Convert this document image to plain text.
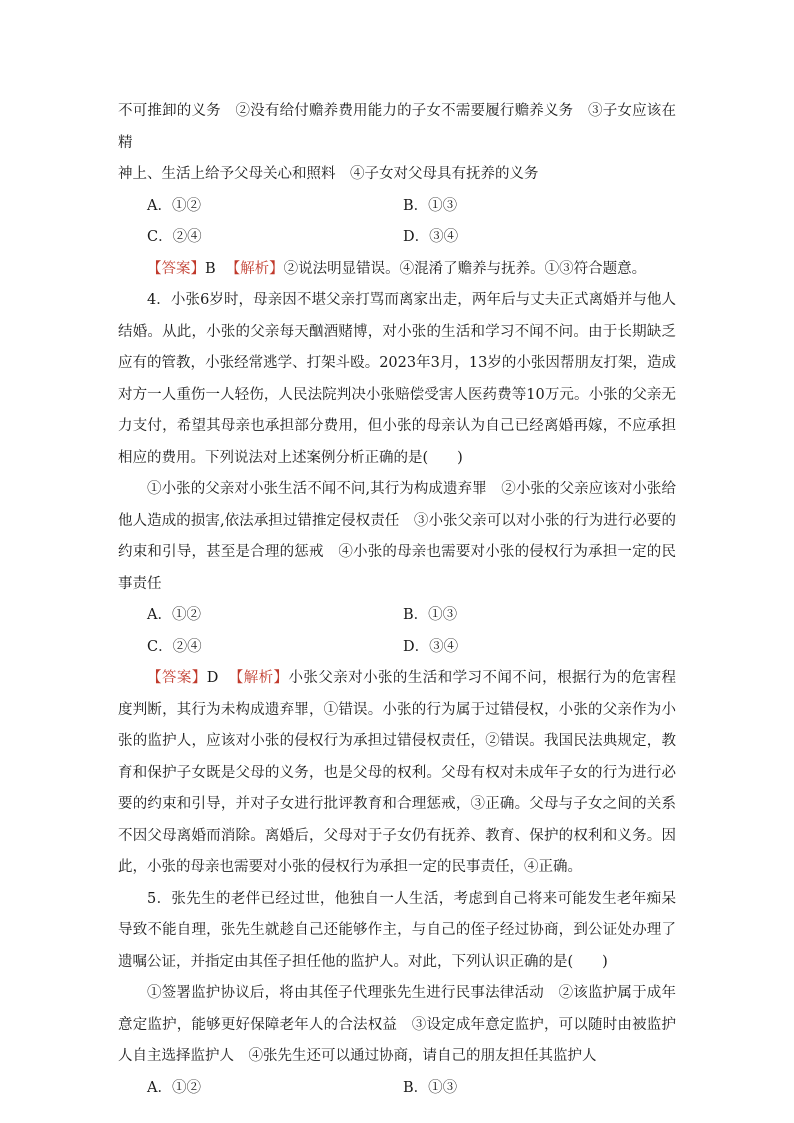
不可推卸的义务　②没有给付赡养费用能力的子女不需要履行赡养义务　③子女应该在精

神上、生活上给予父母关心和照料　④子女对父母具有抚养的义务

A．①②	B．①③
C．②④	D．③④

【答案】B 【解析】②说法明显错误。④混淆了赡养与抚养。①③符合题意。

4．小张6岁时，母亲因不堪父亲打骂而离家出走，两年后与丈夫正式离婚并与他人结婚。从此，小张的父亲每天酗酒赌博，对小张的生活和学习不闻不问。由于长期缺乏应有的管教，小张经常逃学、打架斗殴。2023年3月，13岁的小张因帮朋友打架，造成对方一人重伤一人轻伤，人民法院判决小张赔偿受害人医药费等10万元。小张的父亲无力支付，希望其母亲也承担部分费用，但小张的母亲认为自己已经离婚再嫁，不应承担相应的费用。下列说法对上述案例分析正确的是(　　)

①小张的父亲对小张生活不闻不问,其行为构成遗弃罪　②小张的父亲应该对小张给他人造成的损害,依法承担过错推定侵权责任　③小张父亲可以对小张的行为进行必要的约束和引导，甚至是合理的惩戒　④小张的母亲也需要对小张的侵权行为承担一定的民事责任

A．①②	B．①③
C．②④	D．③④

【答案】D 【解析】小张父亲对小张的生活和学习不闻不问，根据行为的危害程度判断，其行为未构成遗弃罪，①错误。小张的行为属于过错侵权，小张的父亲作为小张的监护人，应该对小张的侵权行为承担过错侵权责任，②错误。我国民法典规定，教育和保护子女既是父母的义务，也是父母的权利。父母有权对未成年子女的行为进行必要的约束和引导，并对子女进行批评教育和合理惩戒，③正确。父母与子女之间的关系不因父母离婚而消除。离婚后，父母对于子女仍有抚养、教育、保护的权利和义务。因此，小张的母亲也需要对小张的侵权行为承担一定的民事责任，④正确。

5．张先生的老伴已经过世，他独自一人生活，考虑到自己将来可能发生老年痴呆导致不能自理，张先生就趁自己还能够作主，与自己的侄子经过协商，到公证处办理了遗嘱公证，并指定由其侄子担任他的监护人。对此，下列认识正确的是(　　)

①签署监护协议后，将由其侄子代理张先生进行民事法律活动　②该监护属于成年意定监护，能够更好保障老年人的合法权益　③设定成年意定监护，可以随时由被监护人自主选择监护人　④张先生还可以通过协商，请自己的朋友担任其监护人

A．①②	B．①③
